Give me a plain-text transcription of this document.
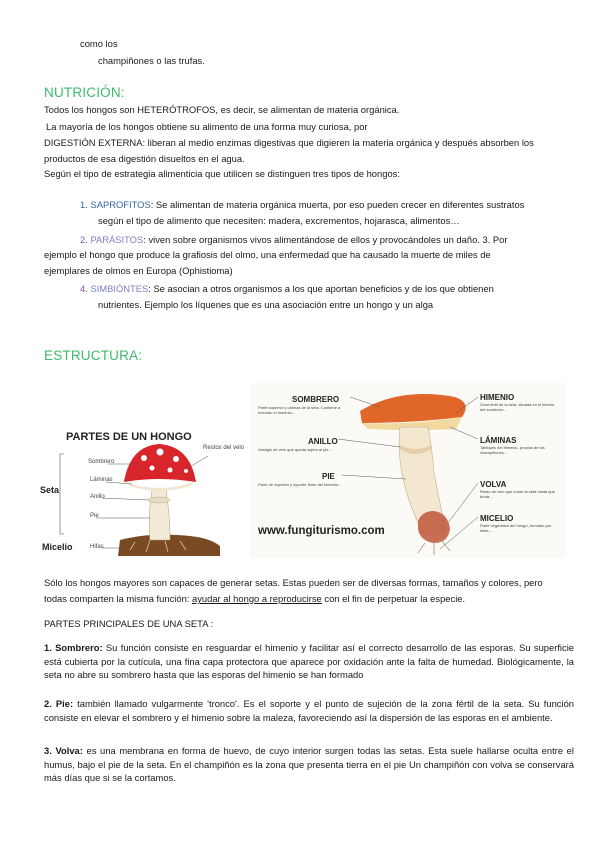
como los
champiñones o las trufas.
NUTRICIÓN:
Todos los hongos son HETERÓTROFOS, es decir, se alimentan de materia orgánica.
La mayoría de los hongos obtiene su alimento de una forma muy curiosa, por
DIGESTIÓN EXTERNA: liberan al medio enzimas digestivas que digieren la materia orgánica y después absorben los
productos de esa digestión disueltos en el agua.
Según el tipo de estrategia alimenticia que utilicen se distinguen tres tipos de hongos:
1. SAPROFITOS: Se alimentan de materia orgánica muerta, por eso pueden crecer en diferentes sustratos
según el tipo de alimento que necesiten: madera, excrementos, hojarasca, alimentos…
2. PARÁSITOS: viven sobre organismos vivos alimentándose de ellos y provocándoles un daño. 3. Por
ejemplo el hongo que produce la grafiosis del olmo, una enfermedad que ha causado la muerte de miles de
ejemplares de olmos en Europa (Ophistioma)
4. SIMBIÓNTES: Se asocian a otros organismos a los que aportan beneficios y de los que obtienen
nutrientes. Ejemplo los líquenes que es una asociación entre un hongo y un alga
ESTRUCTURA:
PARTES DE UN HONGO
Restos del velo
Sombrero
Láminas
Anillo
Pie
Seta
Micelio	Hifas
SOMBRERO
Parte superior y cabeza de la seta. Contiene a menudo el himenio...
ANILLO
Vestigio de velo que queda sujeto al pie...
PIE
Parte de sujeción y soporte firme del himenio...
HIMENIO
Zona fértil de la seta, situada en el interior del sombrero...
LÁMINAS
Tabiques del himenio, propios de los champiñones...
VOLVA
Resto de velo que cubre la seta hasta que brota...
MICELIO
Parte vegetativa del hongo, formado por hifas...
www.fungiturismo.com
Sólo los hongos mayores son capaces de generar setas. Estas pueden ser de diversas formas, tamaños y colores, pero
todas comparten la misma función: ayudar al hongo a reproducirse con el fin de perpetuar la especie.
PARTES PRINCIPALES DE UNA SETA :
1. Sombrero: Su función consiste en resguardar el himenio y facilitar así el correcto desarrollo de las esporas. Su superficie está cubierta por la cutícula, una fina capa protectora que aparece por oxidación ante la falta de humedad. Biológicamente, la seta no abre su sombrero hasta que las esporas del himenio se han formado
2. Pie: también llamado vulgarmente 'tronco'. Es el soporte y el punto de sujeción de la zona fértil de la seta. Su función consiste en elevar el sombrero y el himenio sobre la maleza, favoreciendo así la dispersión de las esporas en el ambiente.
3. Volva: es una membrana en forma de huevo, de cuyo interior surgen todas las setas. Esta suele hallarse oculta entre el humus, bajo el pie de la seta. En el champiñón es la zona que presenta tierra en el pie Un champiñón con volva se conservará más días que si se la cortamos.
